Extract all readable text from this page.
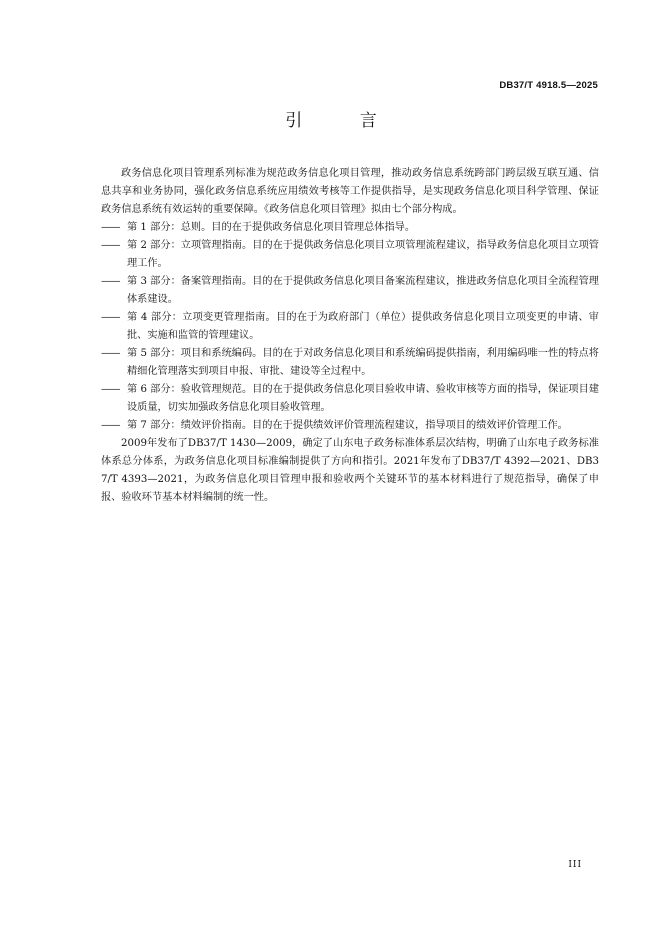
DB37/T 4918.5—2025
引 言

政务信息化项目管理系列标准为规范政务信息化项目管理，推动政务信息系统跨部门跨层级互联互通、信息共享和业务协同，强化政务信息系统应用绩效考核等工作提供指导，是实现政务信息化项目科学管理、保证政务信息系统有效运转的重要保障。《政务信息化项目管理》拟由七个部分构成。

—— 第 1 部分：总则。目的在于提供政务信息化项目管理总体指导。
—— 第 2 部分：立项管理指南。目的在于提供政务信息化项目立项管理流程建议，指导政务信息化项目立项管理工作。
—— 第 3 部分：备案管理指南。目的在于提供政务信息化项目备案流程建议，推进政务信息化项目全流程管理体系建设。
—— 第 4 部分：立项变更管理指南。目的在于为政府部门（单位）提供政务信息化项目立项变更的申请、审批、实施和监管的管理建议。
—— 第 5 部分：项目和系统编码。目的在于对政务信息化项目和系统编码提供指南，利用编码唯一性的特点将精细化管理落实到项目申报、审批、建设等全过程中。
—— 第 6 部分：验收管理规范。目的在于提供政务信息化项目验收申请、验收审核等方面的指导，保证项目建设质量，切实加强政务信息化项目验收管理。
—— 第 7 部分：绩效评价指南。目的在于提供绩效评价管理流程建议，指导项目的绩效评价管理工作。

2009年发布了DB37/T 1430—2009，确定了山东电子政务标准体系层次结构，明确了山东电子政务标准体系总分体系，为政务信息化项目标准编制提供了方向和指引。2021年发布了DB37/T 4392—2021、DB37/T 4393—2021，为政务信息化项目管理申报和验收两个关键环节的基本材料进行了规范指导，确保了申报、验收环节基本材料编制的统一性。

III
